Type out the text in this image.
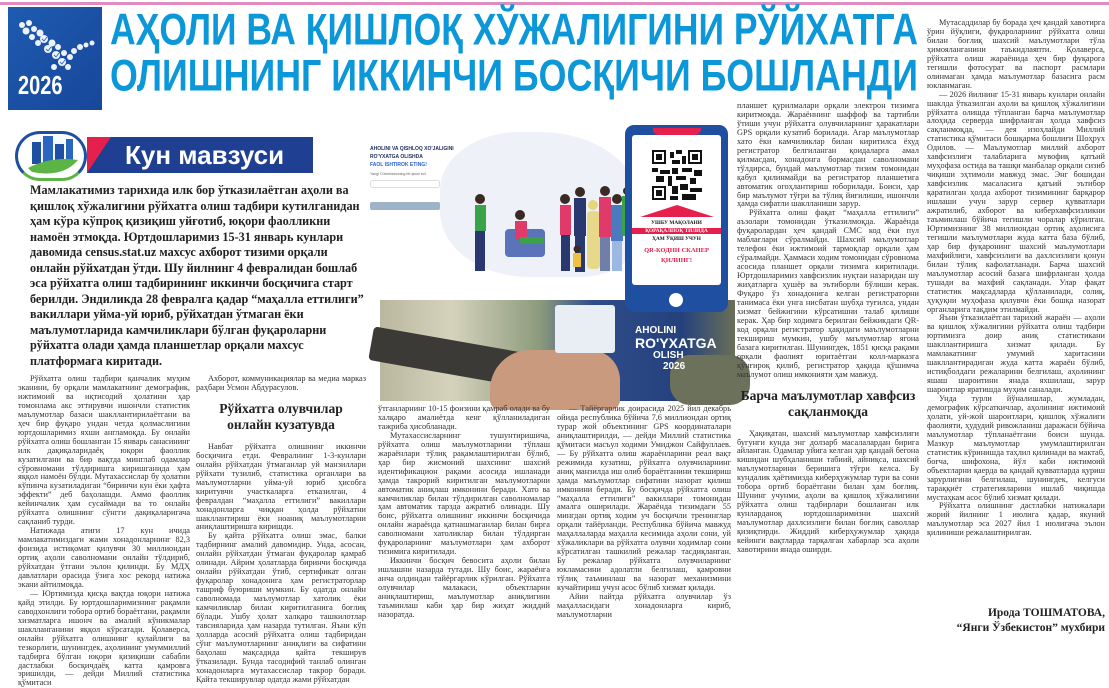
2026
АҲОЛИ ВА ҚИШЛОҚ ХЎЖАЛИГИНИ РЎЙХАТГА
ОЛИШНИНГ ИККИНЧИ БОСҚИЧИ БОШЛАНДИ
Кун мавзуси
Мамлакатимиз тарихида илк бор ўтказилаётган аҳоли ва қишлоқ хўжалигини рўйхатга олиш тадбири кутилганидан ҳам кўра кўпроқ қизиқиш уйғотиб, юқори фаолликни намоён этмоқда. Юртдошларимиз 15-31 январь кунлари давомида census.stat.uz махсус ахборот тизими орқали онлайн рўйхатдан ўтди. Шу йилнинг 4 февралидан бошлаб эса рўйхатга олиш тадбирининг иккинчи босқичига старт берилди. Эндиликда 28 февралга қадар “маҳалла еттилиги” вакиллари уйма-уй юриб, рўйхатдан ўтмаган ёки маълумотларида камчиликлари бўлган фуқароларни рўйхатга олади ҳамда планшетлар орқали махсус платформага киритади.
AHOLINI VA QISHLOQ XO'JALIGINI
RO'YXATGA OLISHDA
FAOL ISHTIROK ETING!
Yangi O'zbekistonning bir qismi bo'l
AHOLINI
RO'YXATGA
OLISH
2026
УШБУ МАҚОЛАНИ
ҚОРАҚАЛПОҚ ТИЛИДА
ҲАМ ЎҚИШ УЧУН
QR-КОДНИ СКАНЕР
ҚИЛИНГ!

Рўйхатга олиш тадбири қанчалик муҳим эканини, бу орқали мамлакатнинг демографик, ижтимоий ва иқтисодий ҳолатини ҳар томонлама акс эттирувчи ишончли статистик маълумотлар базаси шакллантирилаётгани ва ҳеч бир фуқаро ундан четда қолмаслигини юртдошларимиз яхши англамоқда. Бу онлайн рўйхатга олиш бошланган 15 январь санасининг илк дақиқаларидаёқ юқори фаоллик кузатилгани ва бир вақтда минглаб одамлар сўровномани тўлдиришга киришганида ҳам яққол намоён бўлди. Мутахассислар бу ҳолатни кўпинча кузатиладиган “биринчи кун ёки ҳафта эффекти” деб баҳолашди. Аммо фаоллик кейинчалик ҳам сусаймади ва то онлайн рўйхатга олишнинг сўнгги дақиқаларигача сақланиб турди.

Натижада атиги 17 кун ичида мамлакатимиздаги жами хонадонларнинг 82,3 фоизида истиқомат қилувчи 30 миллиондан ортиқ аҳоли саволномани онлайн тўлдириб, рўйхатдан ўтгани эълон қилинди. Бу МДҲ давлатлари орасида ўзига хос рекорд натижа экани айтилмоқда.

— Юртимизда қисқа вақтда юқори натижа қайд этилди. Бу юртдошларимизнинг рақамли саводхонлиги тобора ортиб бораётгани, рақамли хизматларга ишонч ва амалий кўникмалар шаклланганини яққол кўрсатади. Қолаверса, онлайн рўйхатга олишнинг қулайлиги ва тезкорлиги, шунингдек, аҳолининг умуммиллий тадбирга бўлган юқори қизиқиши сабабли дастлабки босқичдаёқ катта қамровга эришилди, — дейди Миллий статистика қўмитаси

Ахборот, коммуникациялар ва медиа марказ раҳбари Усмон Абдурасулов.

Рўйхатга олувчилар онлайн кузатувда

Навбат рўйхатга олишнинг иккинчи босқичига етди. Февралнинг 1-3-кунлари онлайн рўйхатдан ўтмаганлар уй манзиллари рўйхати тузилиб, статистика органлари ва маълумотларни уйма-уй юриб ҳисобга киритувчи участкаларга етказилган, 4 февралдан “маҳалла еттилиги” вакиллари хонадонларга чиққан ҳолда рўйхатни шакллантириш ёки ноаниқ маълумотларни аниқлаштиришга киришди.

Бу қайта рўйхатга олиш эмас, балки тадбирнинг амалий давомидир. Унда, асосан, онлайн рўйхатдан ўтмаган фуқаролар қамраб олинади. Айрим ҳолатларда биринчи босқичда онлайн рўйхатдан ўтиб, сертификат олган фуқаролар хонадонига ҳам регистраторлар ташриф буюриши мумкин. Бу одатда онлайн саволномада маълумотлар хатолик ёки камчиликлар билан киритилганига боғлиқ бўлади. Ушбу ҳолат халқаро ташкилотлар тавсияларида ҳам назарда тутилган. Яъни кўп ҳолларда асосий рўйхатга олиш тадбиридан сўнг маълумотларнинг аниқлиги ва сифатини баҳолаш мақсадида қайта текширув ўтказилади. Бунда тасодифий танлаб олинган хонадонларга мутахассислар такрор боради. Қайта текширувлар одатда жами рўйхатдан

ўтганларнинг 10-15 фоизини қамраб олади ва бу халқаро амалиётда кенг қўлланиладиган тажриба ҳисобланади.

Мутахассисларнинг тушунтиришича, рўйхатга олиш маълумотларини тўплаш жараёнлари тўлиқ рақамлаштирилган бўлиб, ҳар бир жисмоний шахснинг шахсий идентификацион рақами асосида ишланади ҳамда такрорий киритилган маълумотларни автоматик аниқлаш имконини беради. Хато ва камчиликлар билан тўлдирилган саволномалар ҳам автоматик тарзда ажратиб олинади. Шу боис, рўйхатга олишнинг иккинчи босқичида онлайн жараёнда қатнашмаганлар билан бирга саволномани хатоликлар билан тўлдирган фуқароларнинг маълумотлари ҳам ахборот тизимига киритилади.

Иккинчи босқич бевосита аҳоли билан ишлашни назарда тутади. Шу боис, жараёнга анча олдиндан тайёргарлик кўрилган. Рўйхатга олувчилар малакаси, объектларни аниқлаштириш, маълумотлар аниқлигини таъминлаш каби ҳар бир жиҳат жиддий назоратда.

— Тайёргарлик доирасида 2025 йил декабрь ойида республика бўйича 7,6 миллиондан ортиқ турар жой объектининг GPS координаталари аниқлаштирилди, — дейди Миллий статистика қўмитаси масъул ходими Умиджон Сайфуллаев. — Бу рўйхатга олиш жараёнларини реал вақт режимида кузатиш, рўйхатга олувчиларнинг аниқ манзилда иш олиб бораётганини текшириш ҳамда маълумотлар сифатини назорат қилиш имконини беради. Бу босқичда рўйхатга олиш “маҳалла еттилиги” вакиллари томонидан амалга оширилади. Жараёнда тизимдаги 55 мингдан ортиқ ходим уч босқичли тренинглар орқали тайёрланди. Республика бўйича мавжуд маҳаллаларда маҳалла кесимида аҳоли сони, уй хўжаликлари ва рўйхатга олувчи ходимлар сони кўрсатилган ташкилий режалар тасдиқланган. Бу режалар рўйхатга олувчиларнинг юкламасини адолатли белгилаш, қамровни тўлиқ таъминлаш ва назорат механизмини кучайтириш учун асос бўлиб хизмат қилади.

Айни пайтда рўйхатга олувчилар ўз маҳалласидаги хонадонларга кириб, маълумотларни

планшет қурилмалари орқали электрон тизимга киритмоқда. Жараённинг шаффоф ва тартибли ўтиши учун рўйхатга олувчиларнинг ҳаракатлари GPS орқали кузатиб борилади. Агар маълумотлар хато ёки камчиликлар билан киритилса ёхуд регистратор белгиланган қоидаларга амал қилмасдан, хонадонга бормасдан саволномани тўлдирса, бундай маълумотлар тизим томонидан қабул қилинмайди ва регистратор планшетига автоматик огоҳлантириш юборилади. Боиси, ҳар бир маълумот тўғри ва тўлиқ йиғилиши, ишончли ҳамда сифатли шаклланиши зарур.

Рўйхатга олиш фақат “маҳалла еттилиги” аъзолари томонидан ўтказилмоқда. Жараёнда фуқаролардан ҳеч қандай СМС код ёки пул маблағлари сўралмайди. Шахсий маълумотлар телефон ёки ижтимоий тармоқлар орқали ҳам сўралмайди. Ҳаммаси ходим томонидан сўровнома асосида планшет орқали тизимга киритилади. Юртдошларимиз хавфсизлик нуқтаи назаридан шу жиҳатларга ҳушёр ва эътиборли бўлиши керак. Фуқаро ўз хонадонига келган регистраторни танимаса ёки унга нисбатан шубҳа туғилса, ундан хизмат бейжигини кўрсатишни талаб қилиши керак. Ҳар бир ходимга берилган бейжикдаги QR-код орқали регистратор ҳақидаги маълумотларни текшириш мумкин, ушбу маълумотлар ягона базага киритилган. Шунингдек, 1851 қисқа рақами орқали фаолият юритаётган колл-марказга қўнғироқ қилиб, регистратор ҳақида қўшимча маълумот олиш имконияти ҳам мавжуд.

Барча маълумотлар хавфсиз сақланмоқда

Ҳақиқатан, шахсий маълумотлар хавфсизлиги бугунги кунда энг долзарб масалалардан бирига айланган. Одамлар уйига келган ҳар қандай бегона кишидан шубҳаланиши табиий, айниқса, шахсий маълумотларини беришига тўғри келса. Бу кундалик ҳаётимизда киберҳужумлар тури ва сони тобора ортиб бораётгани билан ҳам боғлиқ. Шунинг учунми, аҳоли ва қишлоқ хўжалигини рўйхатга олиш тадбирлари бошланган илк кунларданоқ юртдошларимизни шахсий маълумотлар дахлсизлиги билан боғлиқ саволлар қизиқтирди. Жиддий киберҳужумлар ҳақида кейинги вақтларда тарқалган хабарлар эса аҳоли хавотирини янада оширди.

Мутасаддилар бу борада ҳеч қандай хавотирга ўрин йўқлиги, фуқароларнинг рўйхатга олиш билан боғлиқ шахсий маълумотлари тўла ҳимояланганини таъкидлаяпти. Қолаверса, рўйхатга олиш жараёнида ҳеч бир фуқарога тегишли фотосурат ва паспорт расмлари олинмаган ҳамда маълумотлар базасига расм юкланмаган.

— 2026 йилнинг 15-31 январь кунлари онлайн шаклда ўтказилган аҳоли ва қишлоқ хўжалигини рўйхатга олишда тўпланган барча маълумотлар алоҳида серверда шифрланган ҳолда хавфсиз сақланмоқда, — дея изоҳлайди Миллий статистика қўмитаси бошқарма бошлиғи Шоҳрух Одилов. — Маълумотлар миллий ахборот хавфсизлиги талабларига мувофиқ қатъий муҳофаза остида ва ташқи манбалар орқали сизиб чиқиши эҳтимоли мавжуд эмас. Энг бошидан хавфсизлик масаласига қатъий эътибор қаратилган ҳолда ахборот тизимининг барқарор ишлаши учун зарур сервер қувватлари ажратилиб, ахборот ва киберхавфсизликни таъминлаш бўйича тегишли чоралар кўрилган. Юртимизнинг 38 миллиондан ортиқ аҳолисига тегишли маълумотлари жуда катта база бўлиб, ҳар бир фуқаронинг шахсий маълумотлари махфийлиги, хавфсизлиги ва дахлсизлиги қонун билан тўлиқ кафолатланади. Барча шахсий маълумотлар асосий базага шифрланган ҳолда тушади ва махфий сақланади. Улар фақат статистик мақсадларда қўлланилади, солиқ, ҳуқуқни муҳофаза қилувчи ёки бошқа назорат органларига тақдим этилмайди.

Яъни ўтказилаётган тарихий жараён — аҳоли ва қишлоқ хўжалигини рўйхатга олиш тадбири юртимизга доир аниқ статистикани шакллантиришга хизмат қилади. Бу мамлакатнинг умумий харитасини шакллантирадиган жуда катта жараён бўлиб, истиқболдаги режаларини белгилаш, аҳолининг яшаш шароитини янада яхшилаш, зарур шароитлар яратишда муҳим саналади.

Унда турли йўналишлар, жумладан, демографик кўрсаткичлар, аҳолининг ижтимоий ҳолати, уй-жой шароитлари, қишлоқ хўжалиги фаолияти, ҳудудий ривожланиш даражаси бўйича маълумотлар тўпланаётгани боиси шунда. Мазкур маълумотлар умумлаштирилган статистик кўринишда таҳлил қилинади ва мактаб, боғча, шифохона, йўл каби ижтимоий объектларни қаерда ва қандай қувватларда қуриш зарурлигини белгилаш, шунингдек, келгуси тараққиёт стратегияларини ишлаб чиқишда мустаҳкам асос бўлиб хизмат қилади.

Рўйхатга олишнинг дастлабки натижалари жорий йилнинг 1 июлига қадар, якуний маълумотлар эса 2027 йил 1 июлигача эълон қилиниши режалаштирилган.

Ирода ТОШМАТОВА,
“Янги Ўзбекистон” мухбири
